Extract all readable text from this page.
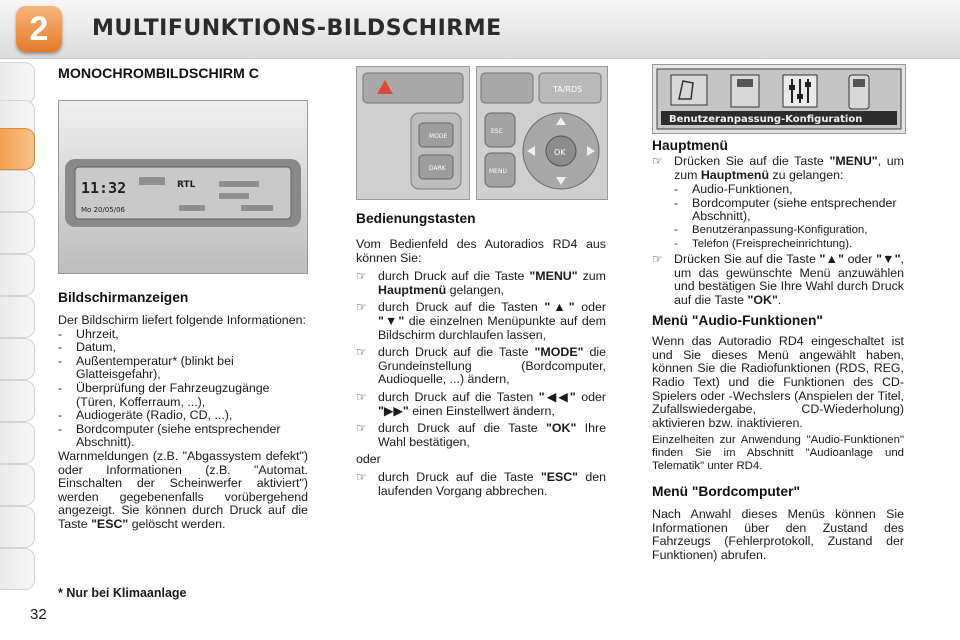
2	MULTIFUNKTIONS-BILDSCHIRME
MONOCHROMBILDSCHIRM C
11:32	RTL
Mo 20/05/06
Bildschirmanzeigen

Der Bildschirm liefert folgende Informationen:

- Uhrzeit,
- Datum,
- Außentemperatur* (blinkt bei Glatteisgefahr),
- Überprüfung der Fahrzeugzugänge (Türen, Kofferraum, ...),
- Audiogeräte (Radio, CD, ...),
- Bordcomputer (siehe entsprechender Abschnitt).

Warnmeldungen (z.B. "Abgassystem defekt") oder Informationen (z.B. "Automat. Einschalten der Scheinwerfer aktiviert") werden gegebenenfalls vorübergehend angezeigt. Sie können durch Druck auf die Taste "ESC" gelöscht werden.

* Nur bei Klimaanlage
32
MODE
DARK
TA/RDS
ESC
MENU
OK
Bedienungstasten

Vom Bedienfeld des Autoradios RD4 aus können Sie:

☞ durch Druck auf die Taste "MENU" zum Hauptmenü gelangen,
☞ durch Druck auf die Tasten "▲" oder "▼" die einzelnen Menüpunkte auf dem Bildschirm durchlaufen lassen,
☞ durch Druck auf die Taste "MODE" die Grundeinstellung (Bordcomputer, Audioquelle, ...) ändern,
☞ durch Druck auf die Tasten "◀◀" oder "▶▶" einen Einstellwert ändern,
☞ durch Druck auf die Taste "OK" Ihre Wahl bestätigen,

oder

☞ durch Druck auf die Taste "ESC" den laufenden Vorgang abbrechen.
Benutzeranpassung-Konfiguration
Hauptmenü
☞ Drücken Sie auf die Taste "MENU", um zum Hauptmenü zu gelangen:
- Audio-Funktionen,
- Bordcomputer (siehe entsprechender Abschnitt),
- Benutzeranpassung-Konfiguration,
- Telefon (Freisprecheinrichtung).
☞ Drücken Sie auf die Taste "▲" oder "▼", um das gewünschte Menü anzuwählen und bestätigen Sie Ihre Wahl durch Druck auf die Taste "OK".
Menü "Audio-Funktionen"

Wenn das Autoradio RD4 eingeschaltet ist und Sie dieses Menü angewählt haben, können Sie die Radiofunktionen (RDS, REG, Radio Text) und die Funktionen des CD-Spielers oder -Wechslers (Anspielen der Titel, Zufallswiedergabe, CD-Wiederholung) aktivieren bzw. inaktivieren.

Einzelheiten zur Anwendung "Audio-Funktionen" finden Sie im Abschnitt "Audioanlage und Telematik" unter RD4.

Menü "Bordcomputer"

Nach Anwahl dieses Menüs können Sie Informationen über den Zustand des Fahrzeugs (Fehlerprotokoll, Zustand der Funktionen) abrufen.
